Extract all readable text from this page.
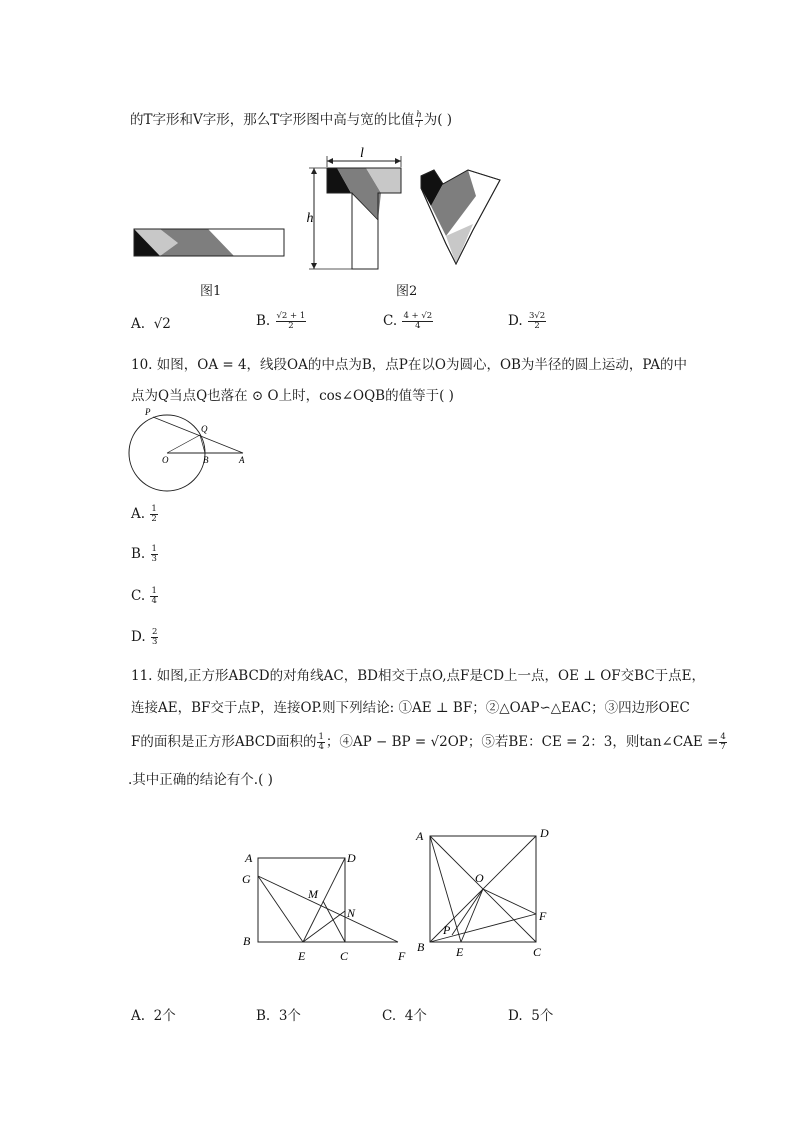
的T字形和V字形，那么T字形图中高与宽的比值 $\frac{h}{l}$ 为( )
图1
l
h
图2
A. √2	B. $\frac{√2 + 1}{2}$	C. $\frac{4 + √2}{4}$	D. $\frac{3√2}{2}$
10. 如图，OA = 4，线段OA的中点为B，点P在以O为圆心，OB为半径的圆上运动，PA的中
点为Q当点Q也落在 ⊙ O上时，cos∠OQB的值等于( )
P
Q
O	B	A
A. $\frac{1}{2}$
B. $\frac{1}{3}$
C. $\frac{1}{4}$
D. $\frac{2}{3}$
11. 如图,正方形ABCD的对角线AC，BD相交于点O,点F是CD上一点，OE ⊥ OF交BC于点E，
连接AE，BF交于点P，连接OP.则下列结论: ①AE ⊥ BF；②△OAP∽△EAC；③四边形OEC
F的面积是正方形ABCD面积的 $\frac{1}{4}$ ；④AP − BP = √2OP；⑤若BE：CE = 2：3，则tan∠CAE = $\frac{4}{7}$
.其中正确的结论有个.( )
A	D
G
M
N
B
E	C	F
A	D
O
F
P
B	E	C
A. 2个	B. 3个	C. 4个	D. 5个
